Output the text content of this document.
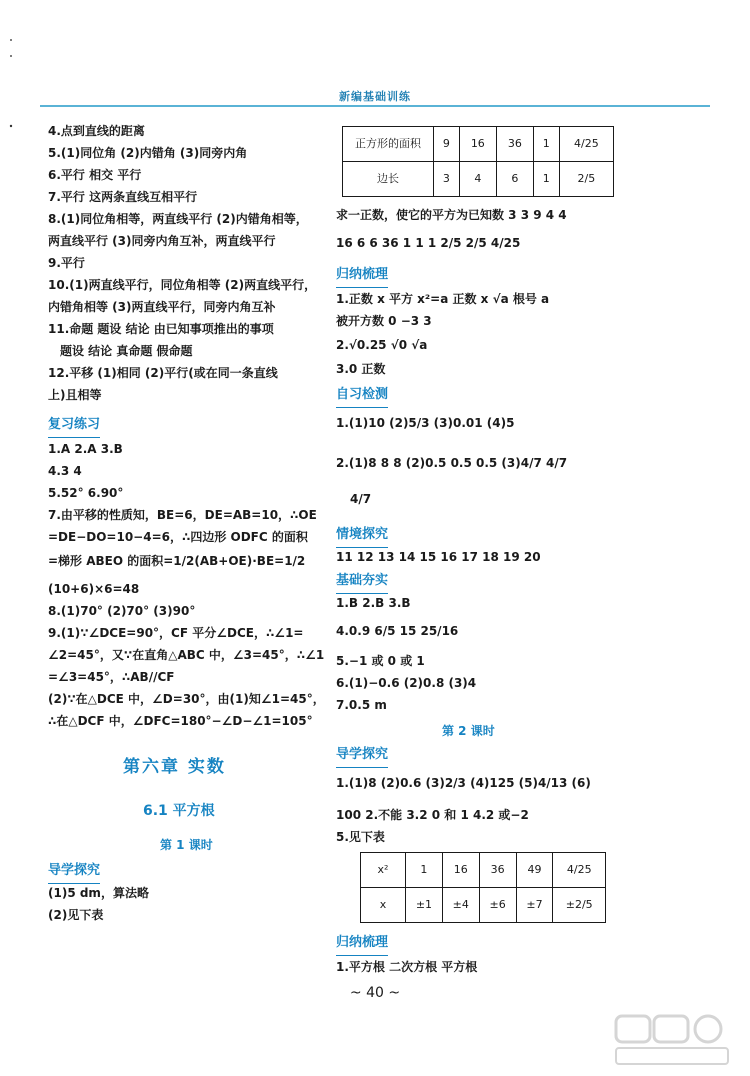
新编基础训练
4.点到直线的距离
5.(1)同位角 (2)内错角 (3)同旁内角
6.平行 相交 平行
7.平行 这两条直线互相平行
8.(1)同位角相等，两直线平行 (2)内错角相等，
两直线平行 (3)同旁内角互补，两直线平行
9.平行
10.(1)两直线平行，同位角相等 (2)两直线平行，
内错角相等 (3)两直线平行，同旁内角互补
11.命题 题设 结论 由已知事项推出的事项
题设 结论 真命题 假命题
12.平移 (1)相同 (2)平行(或在同一条直线
上)且相等
复习练习
1.A 2.A 3.B
4.3 4
5.52° 6.90°
7.由平移的性质知，BE=6，DE=AB=10，∴OE
=DE−DO=10−4=6，∴四边形 ODFC 的面积
=梯形 ABEO 的面积=1/2(AB+OE)·BE=1/2
(10+6)×6=48
8.(1)70° (2)70° (3)90°
9.(1)∵∠DCE=90°，CF 平分∠DCE，∴∠1=
∠2=45°，又∵在直角△ABC 中，∠3=45°，∴∠1
=∠3=45°，∴AB//CF
(2)∵在△DCE 中，∠D=30°，由(1)知∠1=45°，
∴在△DCF 中，∠DFC=180°−∠D−∠1=105°
第六章 实数
6.1 平方根
第 1 课时
导学探究
(1)5 dm，算法略
(2)见下表
正方形的面积	9	16	36	1	4/25
边长	3	4	6	1	2/5
求一正数，使它的平方为已知数 3 3 9 4 4
16 6 6 36 1 1 1 2/5 2/5 4/25
归纳梳理
1.正数 x 平方 x²=a 正数 x √a 根号 a
被开方数 0 −3 3
2.√0.25 √0 √a
3.0 正数
自习检测
1.(1)10 (2)5/3 (3)0.01 (4)5
2.(1)8 8 8 (2)0.5 0.5 0.5 (3)4/7 4/7
4/7
情境探究
11 12 13 14 15 16 17 18 19 20
基础夯实
1.B 2.B 3.B
4.0.9 6/5 15 25/16
5.−1 或 0 或 1
6.(1)−0.6 (2)0.8 (3)4
7.0.5 m
第 2 课时
导学探究
1.(1)8 (2)0.6 (3)2/3 (4)125 (5)4/13 (6)
100 2.不能 3.2 0 和 1 4.2 或−2
5.见下表
x²	1	16	36	49	4/25
x	±1	±4	±6	±7	±2/5
归纳梳理
1.平方根 二次方根 平方根
~ 40 ~
